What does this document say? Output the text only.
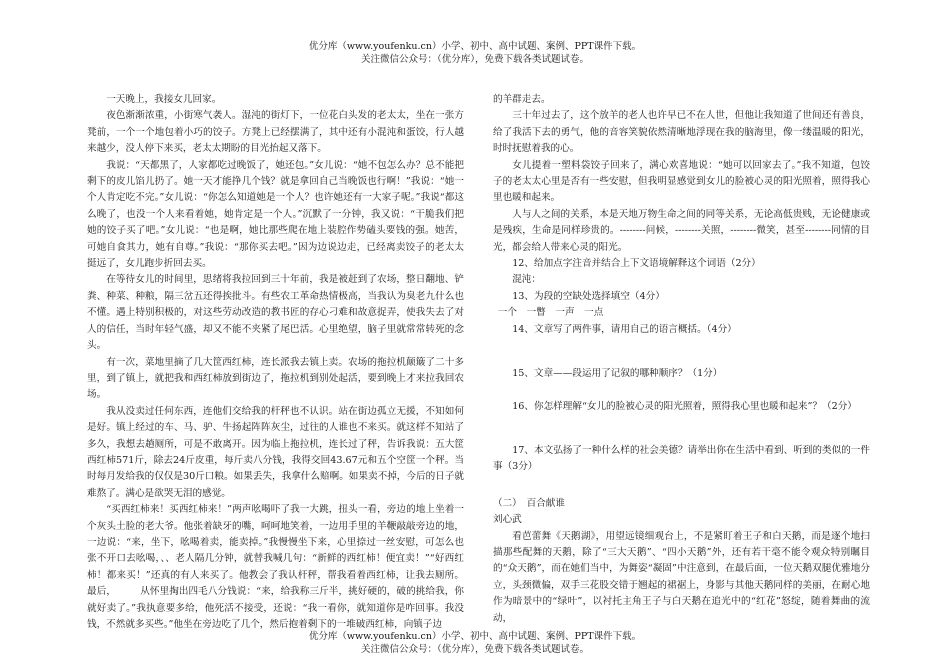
优分库（www.youfenku.cn）小学、初中、高中试题、案例、PPT课件下载。
关注微信公众号：（优分库），免费下载各类试题试卷。

一天晚上，我接女儿回家。

夜色渐渐浓重，小街寒气袭人。湿沌的街灯下，一位花白头发的老太太，坐在一张方凳前，一个一个地包着小巧的饺子。方凳上已经摆满了，其中还有小混沌和蛋饺，行人越来越少，没人停下来买，老太太期盼的目光抬起又落下。

我说：“天都黑了，人家都吃过晚饭了，她还包。”女儿说：“她不包怎么办？总不能把剩下的皮儿馅儿扔了。她一天才能挣几个钱？就是拿回自己当晚饭也行啊！”我说：“她一个人肯定吃不完。”女儿说：“你怎么知道她是一个人？也许她还有一大家子呢。”我说“都这么晚了，也没一个人来看着她，她肯定是一个人。”沉默了一分钟，我又说：“干脆我们把她的饺子买了吧。”女儿说：“也是啊，她比那些爬在地上装腔作势磕头要钱的强。她苦，可她自食其力，她有自尊。”我说：“那你买去吧。”因为边说边走，已经离卖饺子的老太太挺远了，女儿跑步折回去买。

在等待女儿的时间里，思绪将我拉回到三十年前，我是被赶到了农场，整日翻地、铲粪、种菜、种粮，隔三岔五还得挨批斗。有些农工革命热情极高，当我认为臭老九什么也不懂。遇上特别积极的，对这些劳动改造的教书匠的存心刁难和故意捉弄，使我失去了对人的信任，当时年轻气盛，却又不能不夹紧了尾巴活。心里绝望，脑子里就常常转死的念头。

有一次，菜地里摘了几大筐西红柿，连长派我去镇上卖。农场的拖拉机颠簸了二十多里，到了镇上，就把我和西红柿放到街边了，拖拉机到别处起活，要到晚上才来拉我回农场。

我从没卖过任何东西，连他们交给我的杆秤也不认识。站在街边孤立无援，不知如何是好。镇上经过的车、马、驴、牛扬起阵阵灰尘，过往的人谁也不来买。就这样不知站了多久，我想去趟厕所，可是不敢离开。因为临上拖拉机，连长过了秤，告诉我说：五大筐西红柿571斤，除去24斤皮重，每斤卖八分钱，我得交回43.67元和五个空筐一个秤。当时每月发给我的仅仅是30斤口粮。如果丢失，我拿什么赔啊。如果卖不掉，今后的日子就难熬了。满心是欲哭无泪的感觉。

“买西红柿来！买西红柿来！”两声吆喝吓了我一大跳，扭头一看，旁边的地上坐着一个灰头土脸的老大爷。他张着缺牙的嘴，呵呵地笑着，一边用手里的羊鞭敲敲旁边的地，一边说：“来，坐下，吆喝着卖，能卖掉。”我慢慢坐下来，心里捺过一丝安慰，可怎么也张不开口去吆喝，、、老人隔几分钟，就替我喊几句：“新鲜的西红柿！便宜卖！”“好西红柿！都来买！”还真的有人来买了。他教会了我认杆秤，帮我看着西红柿，让我去厕所。最后，　　　	从怀里掏出四毛八分钱说：“来，给我称三斤半，挑好硬的，破的挑给我，你就好卖了。”我执意要多给，他死活不接受，还说：“我一看你，就知道你是咋回事。我没钱，不然就多买些。”他坐在旁边吃了几个，然后抱着剩下的一堆破西红柿，向镇子边

的羊群走去。

三十年过去了，这个放羊的老人也许早已不在人世，但他让我知道了世间还有善良，给了我活下去的勇气，他的音容笑貌依然清晰地浮现在我的脑海里，像一缕温暖的阳光，时时抚慰着我的心。

女儿提着一塑料袋饺子回来了，满心欢喜地说：“她可以回家去了。”我不知道，包饺子的老太太心里是否有一些安慰，但我明显感觉到女儿的脸被心灵的阳光照着，照得我心里也暖和起来。

人与人之间的关系，本是天地万物生命之间的同等关系，无论高低贵贱，无论健康或是残疾，生命是同样珍贵的。--------问候，--------关照，--------微笑，甚至--------同情的目光，都会给人带来心灵的阳光。

12、给加点字注音并结合上下文语境解释这个词语（2分）

混沌：

13、为段的空缺处选择填空（4分）

一个　一瞥　一声　一点

14、文章写了两件事，请用自己的语言概括。（4分）

15、文章——段运用了记叙的哪种顺序？（1分）

16、你怎样理解“女儿的脸被心灵的阳光照着，照得我心里也暖和起来”？（2分）

17、本文弘扬了一种什么样的社会美德？请举出你在生活中看到、听到的类似的一件事（3分）

（二）　百合献谁

刘心武

看芭蕾舞《天鹅湖》，用望远镜细观台上，不是紧盯着王子和白天鹅，而是逐个地扫描那些配舞的天鹅，除了“三大天鹅”、“四小天鹅”外，还有若干毫不能令观众特别瞩目的“众天鹅”，而在她们当中，为舞姿“凝固”中注意到，在最后面，一位天鹅双腿优雅地分立，头颈微偏，双手三花股交错于翘起的裙裾上，身影与其他天鹅同样的美丽，在耐心地作为暗景中的“绿叶”，以衬托主角王子与白天鹅在追光中的“红花”怒绽，随着舞曲的流动，

优分库（www.youfenku.cn）小学、初中、高中试题、案例、PPT课件下载。
关注微信公众号：（优分库），免费下载各类试题试卷。
